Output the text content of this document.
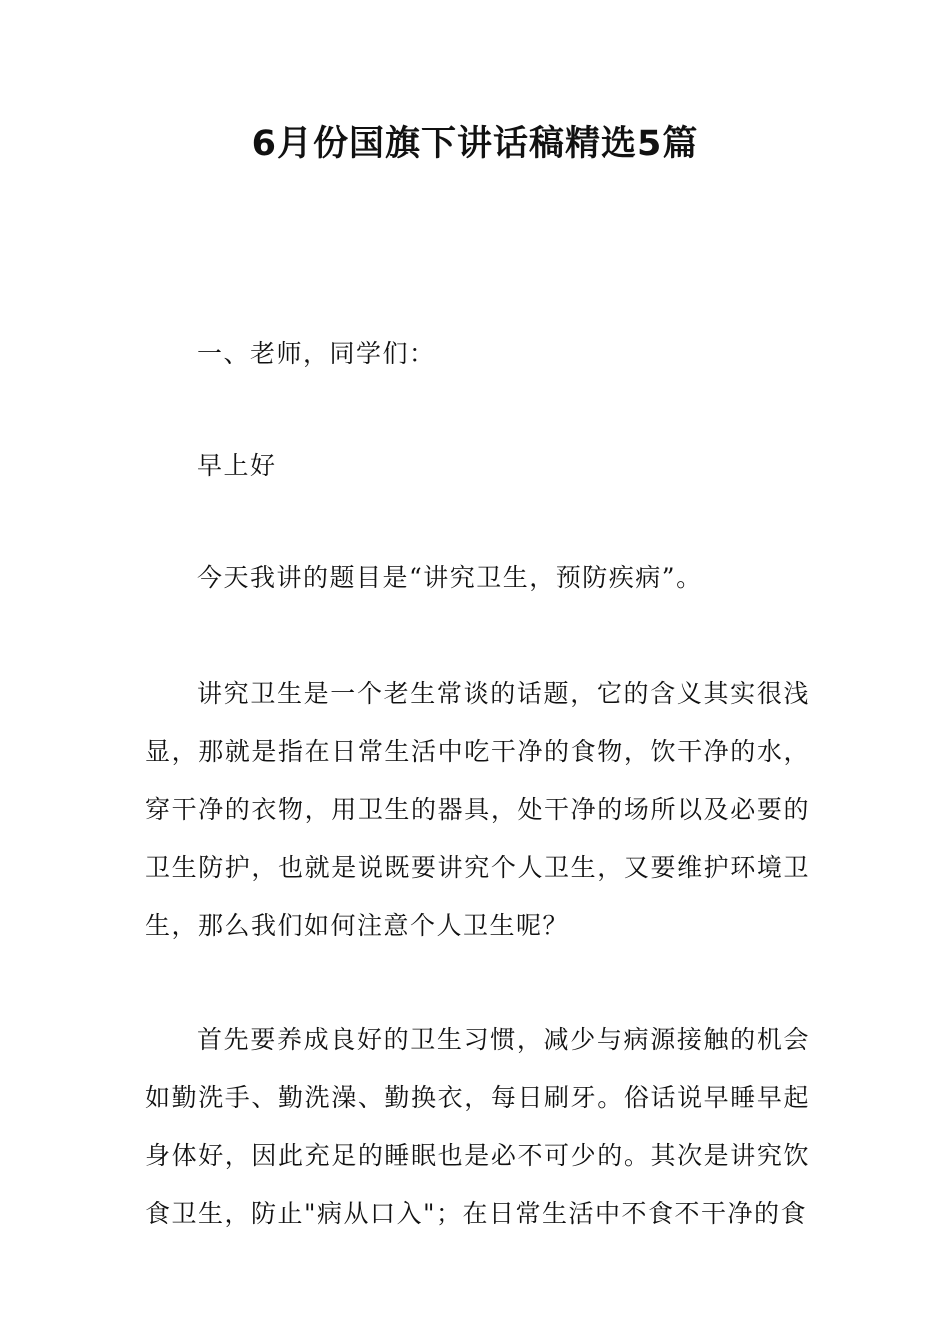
6月份国旗下讲话稿精选5篇

一、老师，同学们：

早上好

今天我讲的题目是“讲究卫生，预防疾病”。

讲究卫生是一个老生常谈的话题，它的含义其实很浅显，那就是指在日常生活中吃干净的食物，饮干净的水，穿干净的衣物，用卫生的器具，处干净的场所以及必要的卫生防护，也就是说既要讲究个人卫生，又要维护环境卫生，那么我们如何注意个人卫生呢？

首先要养成良好的卫生习惯，减少与病源接触的机会如勤洗手、勤洗澡、勤换衣，每日刷牙。俗话说早睡早起身体好，因此充足的睡眠也是必不可少的。其次是讲究饮食卫生，防止"病从口入"；在日常生活中不食不干净的食
